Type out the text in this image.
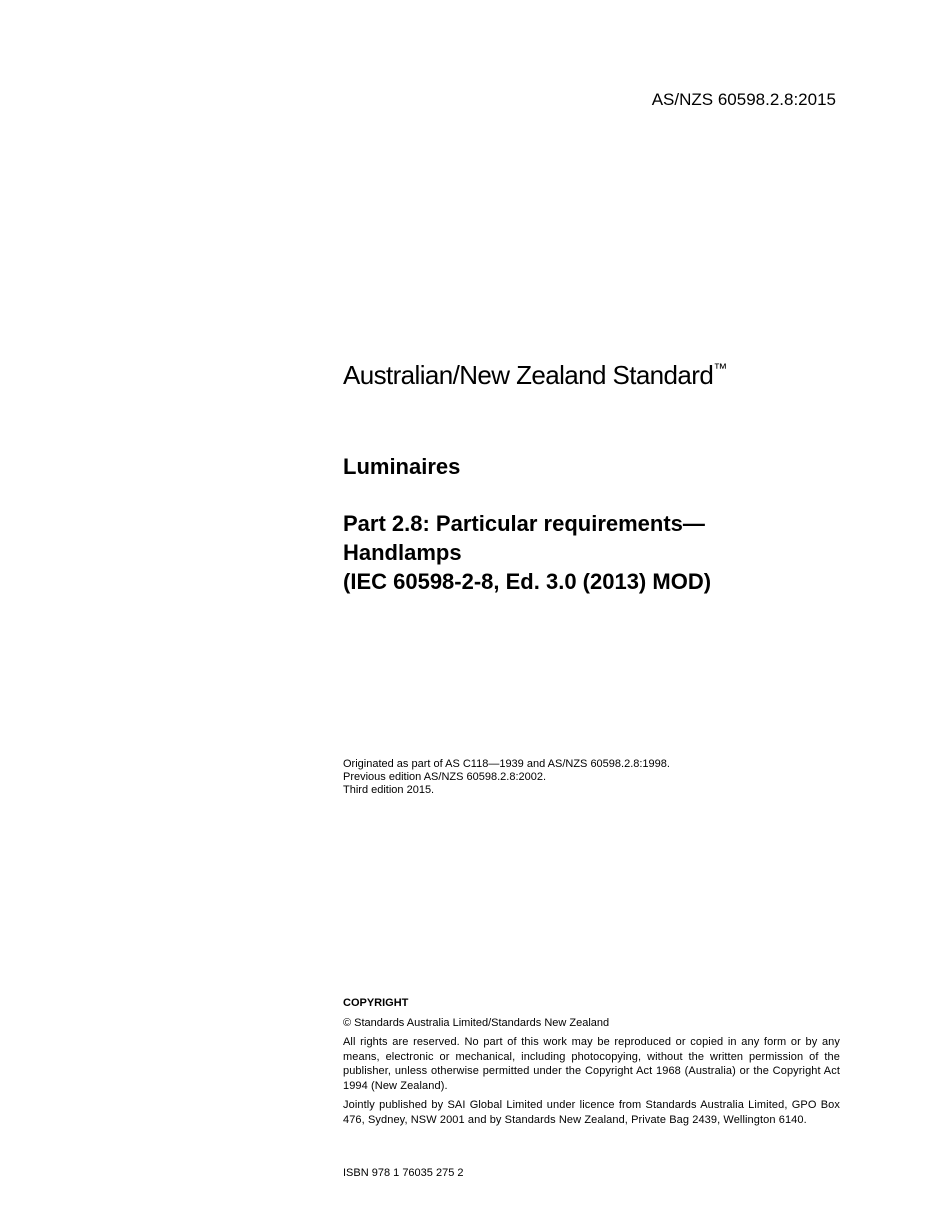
AS/NZS 60598.2.8:2015
Australian/New Zealand Standard™
Luminaires
Part 2.8: Particular requirements—
Handlamps
(IEC 60598-2-8, Ed. 3.0 (2013) MOD)
Originated as part of AS C118—1939 and AS/NZS 60598.2.8:1998.
Previous edition AS/NZS 60598.2.8:2002.
Third edition 2015.
COPYRIGHT
© Standards Australia Limited/Standards New Zealand
All rights are reserved. No part of this work may be reproduced or copied in any form or by any means, electronic or mechanical, including photocopying, without the written permission of the publisher, unless otherwise permitted under the Copyright Act 1968 (Australia) or the Copyright Act 1994 (New Zealand).
Jointly published by SAI Global Limited under licence from Standards Australia Limited, GPO Box 476, Sydney, NSW 2001 and by Standards New Zealand, Private Bag 2439, Wellington 6140.
ISBN 978 1 76035 275 2
